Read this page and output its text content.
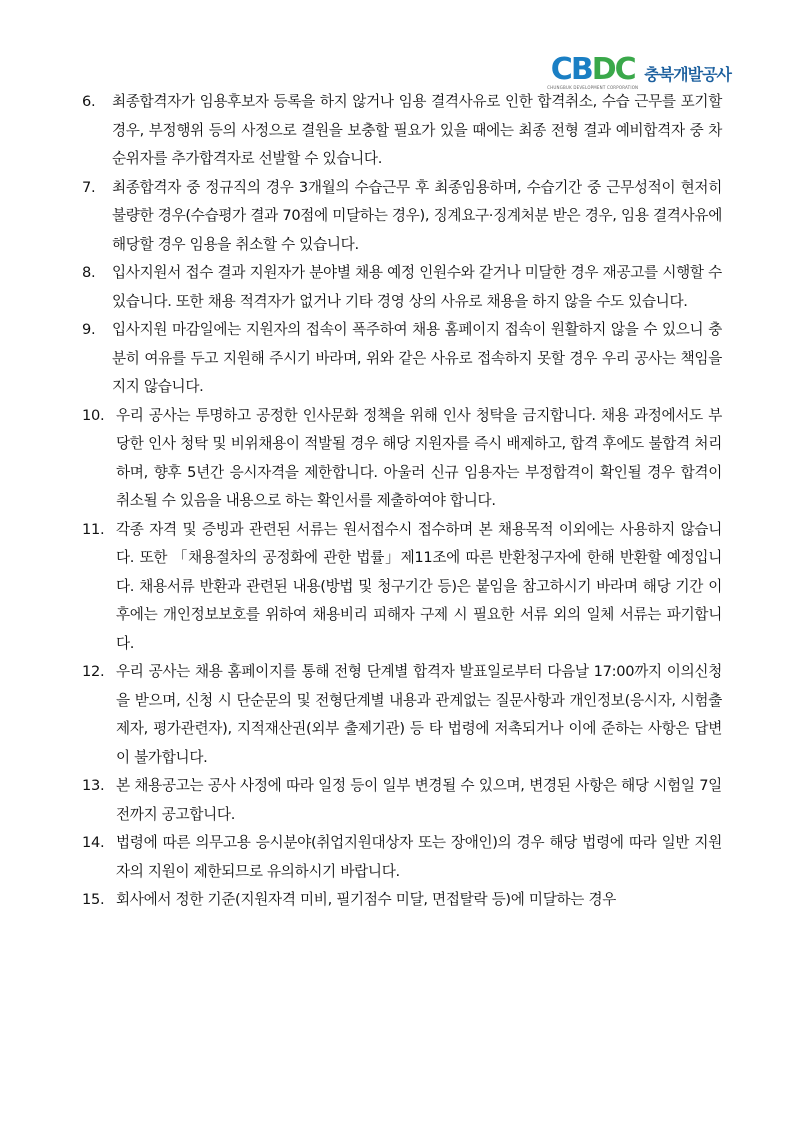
CBDC
CHUNGBUK DEVELOPMENT CORPORATION
충북개발공사
6.	최종합격자가 임용후보자 등록을 하지 않거나 임용 결격사유로 인한 합격취소, 수습 근무를 포기할 경우, 부정행위 등의 사정으로 결원을 보충할 필요가 있을 때에는 최종 전형 결과 예비합격자 중 차순위자를 추가합격자로 선발할 수 있습니다.
7.	최종합격자 중 정규직의 경우 3개월의 수습근무 후 최종임용하며, 수습기간 중 근무성적이 현저히 불량한 경우(수습평가 결과 70점에 미달하는 경우), 징계요구·징계처분 받은 경우, 임용 결격사유에 해당할 경우 임용을 취소할 수 있습니다.
8.	입사지원서 접수 결과 지원자가 분야별 채용 예정 인원수와 같거나 미달한 경우 재공고를 시행할 수 있습니다. 또한 채용 적격자가 없거나 기타 경영 상의 사유로 채용을 하지 않을 수도 있습니다.
9.	입사지원 마감일에는 지원자의 접속이 폭주하여 채용 홈페이지 접속이 원활하지 않을 수 있으니 충분히 여유를 두고 지원해 주시기 바라며, 위와 같은 사유로 접속하지 못할 경우 우리 공사는 책임을 지지 않습니다.
10. 우리 공사는 투명하고 공정한 인사문화 정책을 위해 인사 청탁을 금지합니다. 채용 과정에서도 부당한 인사 청탁 및 비위채용이 적발될 경우 해당 지원자를 즉시 배제하고, 합격 후에도 불합격 처리하며, 향후 5년간 응시자격을 제한합니다. 아울러 신규 임용자는 부정합격이 확인될 경우 합격이 취소될 수 있음을 내용으로 하는 확인서를 제출하여야 합니다.
11. 각종 자격 및 증빙과 관련된 서류는 원서접수시 접수하며 본 채용목적 이외에는 사용하지 않습니다. 또한 「채용절차의 공정화에 관한 법률」제11조에 따른 반환청구자에 한해 반환할 예정입니다. 채용서류 반환과 관련된 내용(방법 및 청구기간 등)은 붙임을 참고하시기 바라며 해당 기간 이후에는 개인정보보호를 위하여 채용비리 피해자 구제 시 필요한 서류 외의 일체 서류는 파기합니다.
12. 우리 공사는 채용 홈페이지를 통해 전형 단계별 합격자 발표일로부터 다음날 17:00까지 이의신청을 받으며, 신청 시 단순문의 및 전형단계별 내용과 관계없는 질문사항과 개인정보(응시자, 시험출제자, 평가관련자), 지적재산권(외부 출제기관) 등 타 법령에 저촉되거나 이에 준하는 사항은 답변이 불가합니다.
13. 본 채용공고는 공사 사정에 따라 일정 등이 일부 변경될 수 있으며, 변경된 사항은 해당 시험일 7일 전까지 공고합니다.
14. 법령에 따른 의무고용 응시분야(취업지원대상자 또는 장애인)의 경우 해당 법령에 따라 일반 지원자의 지원이 제한되므로 유의하시기 바랍니다.
15. 회사에서 정한 기준(지원자격 미비, 필기점수 미달, 면접탈락 등)에 미달하는 경우
